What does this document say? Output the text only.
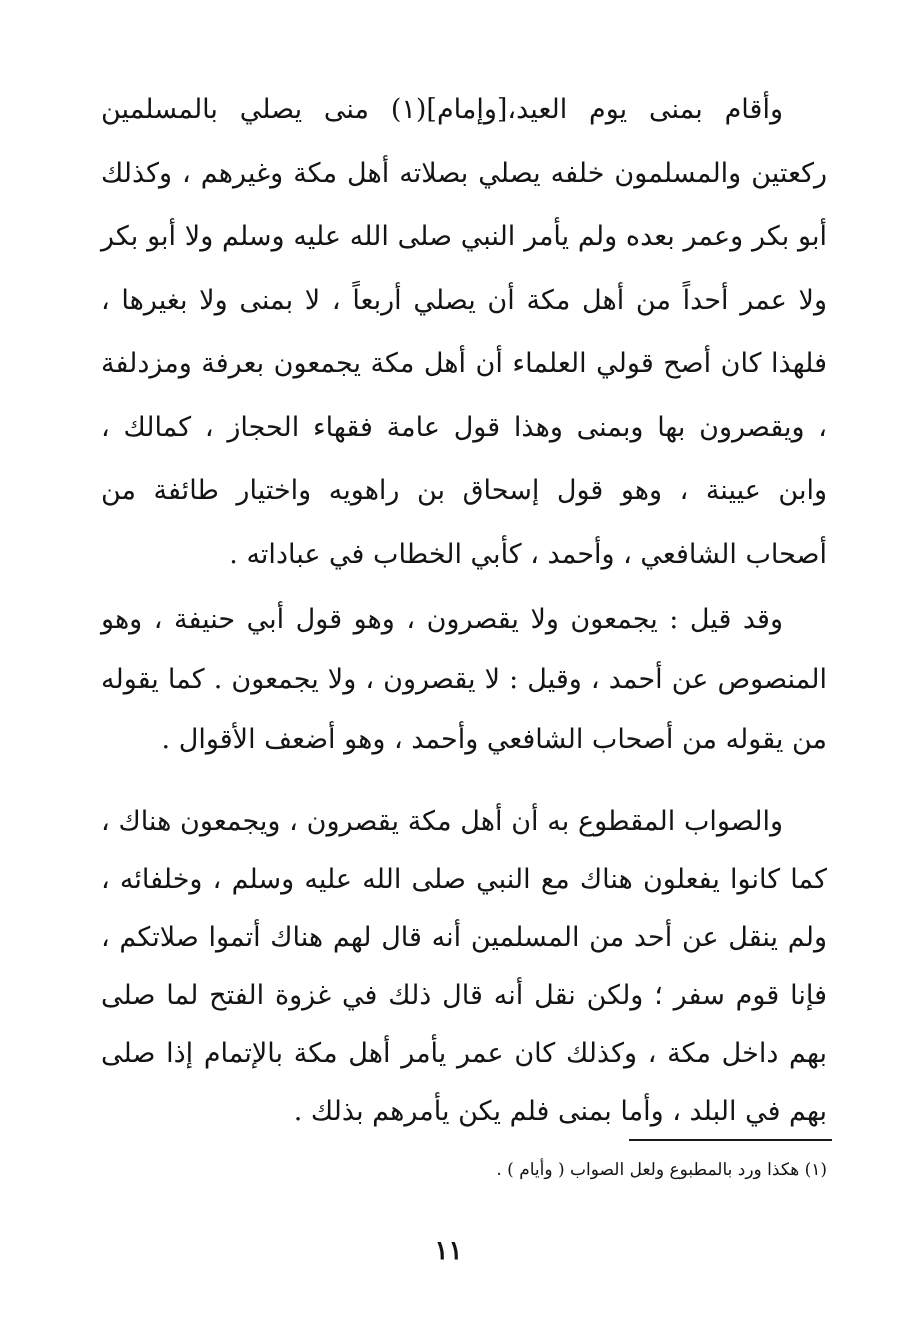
وأقام بمنى يوم العيد،[وإمام](١) منى يصلي بالمسلمين ركعتين والمسلمون خلفه يصلي بصلاته أهل مكة وغيرهم ، وكذلك أبو بكر وعمر بعده ولم يأمر النبي صلى الله عليه وسلم ولا أبو بكر ولا عمر أحداً من أهل مكة أن يصلي أربعاً ، لا بمنى ولا بغيرها ، فلهذا كان أصح قولي العلماء أن أهل مكة يجمعون بعرفة ومزدلفة ، ويقصرون بها وبمنى وهذا قول عامة فقهاء الحجاز ، كمالك ، وابن عيينة ، وهو قول إسحاق بن راهويه واختيار طائفة من أصحاب الشافعي ، وأحمد ، كأبي الخطاب في عباداته .

وقد قيل : يجمعون ولا يقصرون ، وهو قول أبي حنيفة ، وهو المنصوص عن أحمد ، وقيل : لا يقصرون ، ولا يجمعون . كما يقوله من يقوله من أصحاب الشافعي وأحمد ، وهو أضعف الأقوال .

والصواب المقطوع به أن أهل مكة يقصرون ، ويجمعون هناك ، كما كانوا يفعلون هناك مع النبي صلى الله عليه وسلم ، وخلفائه ، ولم ينقل عن أحد من المسلمين أنه قال لهم هناك أتموا صلاتكم ، فإنا قوم سفر ؛ ولكن نقل أنه قال ذلك في غزوة الفتح لما صلى بهم داخل مكة ، وكذلك كان عمر يأمر أهل مكة بالإتمام إذا صلى بهم في البلد ، وأما بمنى فلم يكن يأمرهم بذلك .

(١) هكذا ورد بالمطبوع ولعل الصواب ( وأيام ) .
١١
